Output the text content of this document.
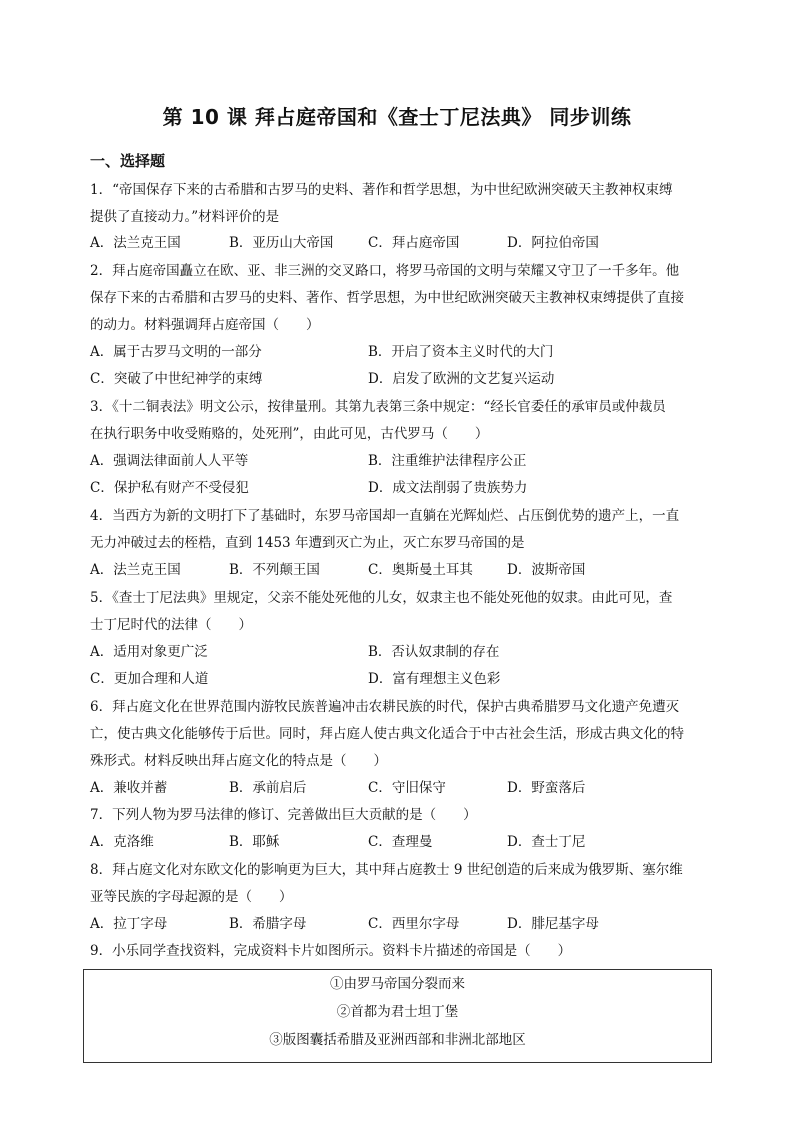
第 10 课 拜占庭帝国和《查士丁尼法典》 同步训练
一、选择题
1．“帝国保存下来的古希腊和古罗马的史料、著作和哲学思想，为中世纪欧洲突破天主教神权束缚
提供了直接动力。”材料评价的是
A．法兰克王国	B．亚历山大帝国	C．拜占庭帝国	D．阿拉伯帝国
2．拜占庭帝国矗立在欧、亚、非三洲的交叉路口，将罗马帝国的文明与荣耀又守卫了一千多年。他
保存下来的古希腊和古罗马的史料、著作、哲学思想，为中世纪欧洲突破天主教神权束缚提供了直接
的动力。材料强调拜占庭帝国（　　）
A．属于古罗马文明的一部分	B．开启了资本主义时代的大门
C．突破了中世纪神学的束缚	D．启发了欧洲的文艺复兴运动
3．《十二铜表法》明文公示，按律量刑。其第九表第三条中规定：“经长官委任的承审员或仲裁员
在执行职务中收受贿赂的，处死刑”，由此可见，古代罗马（　　）
A．强调法律面前人人平等	B．注重维护法律程序公正
C．保护私有财产不受侵犯	D．成文法削弱了贵族势力
4．当西方为新的文明打下了基础时，东罗马帝国却一直躺在光辉灿烂、占压倒优势的遗产上，一直
无力冲破过去的桎梏，直到 1453 年遭到灭亡为止，灭亡东罗马帝国的是
A．法兰克王国	B．不列颠王国	C．奥斯曼土耳其	D．波斯帝国
5．《查士丁尼法典》里规定，父亲不能处死他的儿女，奴隶主也不能处死他的奴隶。由此可见，查
士丁尼时代的法律（　　）
A．适用对象更广泛	B．否认奴隶制的存在
C．更加合理和人道	D．富有理想主义色彩
6．拜占庭文化在世界范围内游牧民族普遍冲击农耕民族的时代，保护古典希腊罗马文化遗产免遭灭
亡，使古典文化能够传于后世。同时，拜占庭人使古典文化适合于中古社会生活，形成古典文化的特
殊形式。材料反映出拜占庭文化的特点是（　　）
A．兼收并蓄	B．承前启后	C．守旧保守	D．野蛮落后
7．下列人物为罗马法律的修订、完善做出巨大贡献的是（　　）
A．克洛维	B．耶稣	C．查理曼	D．查士丁尼
8．拜占庭文化对东欧文化的影响更为巨大，其中拜占庭教士 9 世纪创造的后来成为俄罗斯、塞尔维
亚等民族的字母起源的是（　　）
A．拉丁字母	B．希腊字母	C．西里尔字母	D．腓尼基字母
9．小乐同学查找资料，完成资料卡片如图所示。资料卡片描述的帝国是（　　）
①由罗马帝国分裂而来
②首都为君士坦丁堡
③版图囊括希腊及亚洲西部和非洲北部地区
